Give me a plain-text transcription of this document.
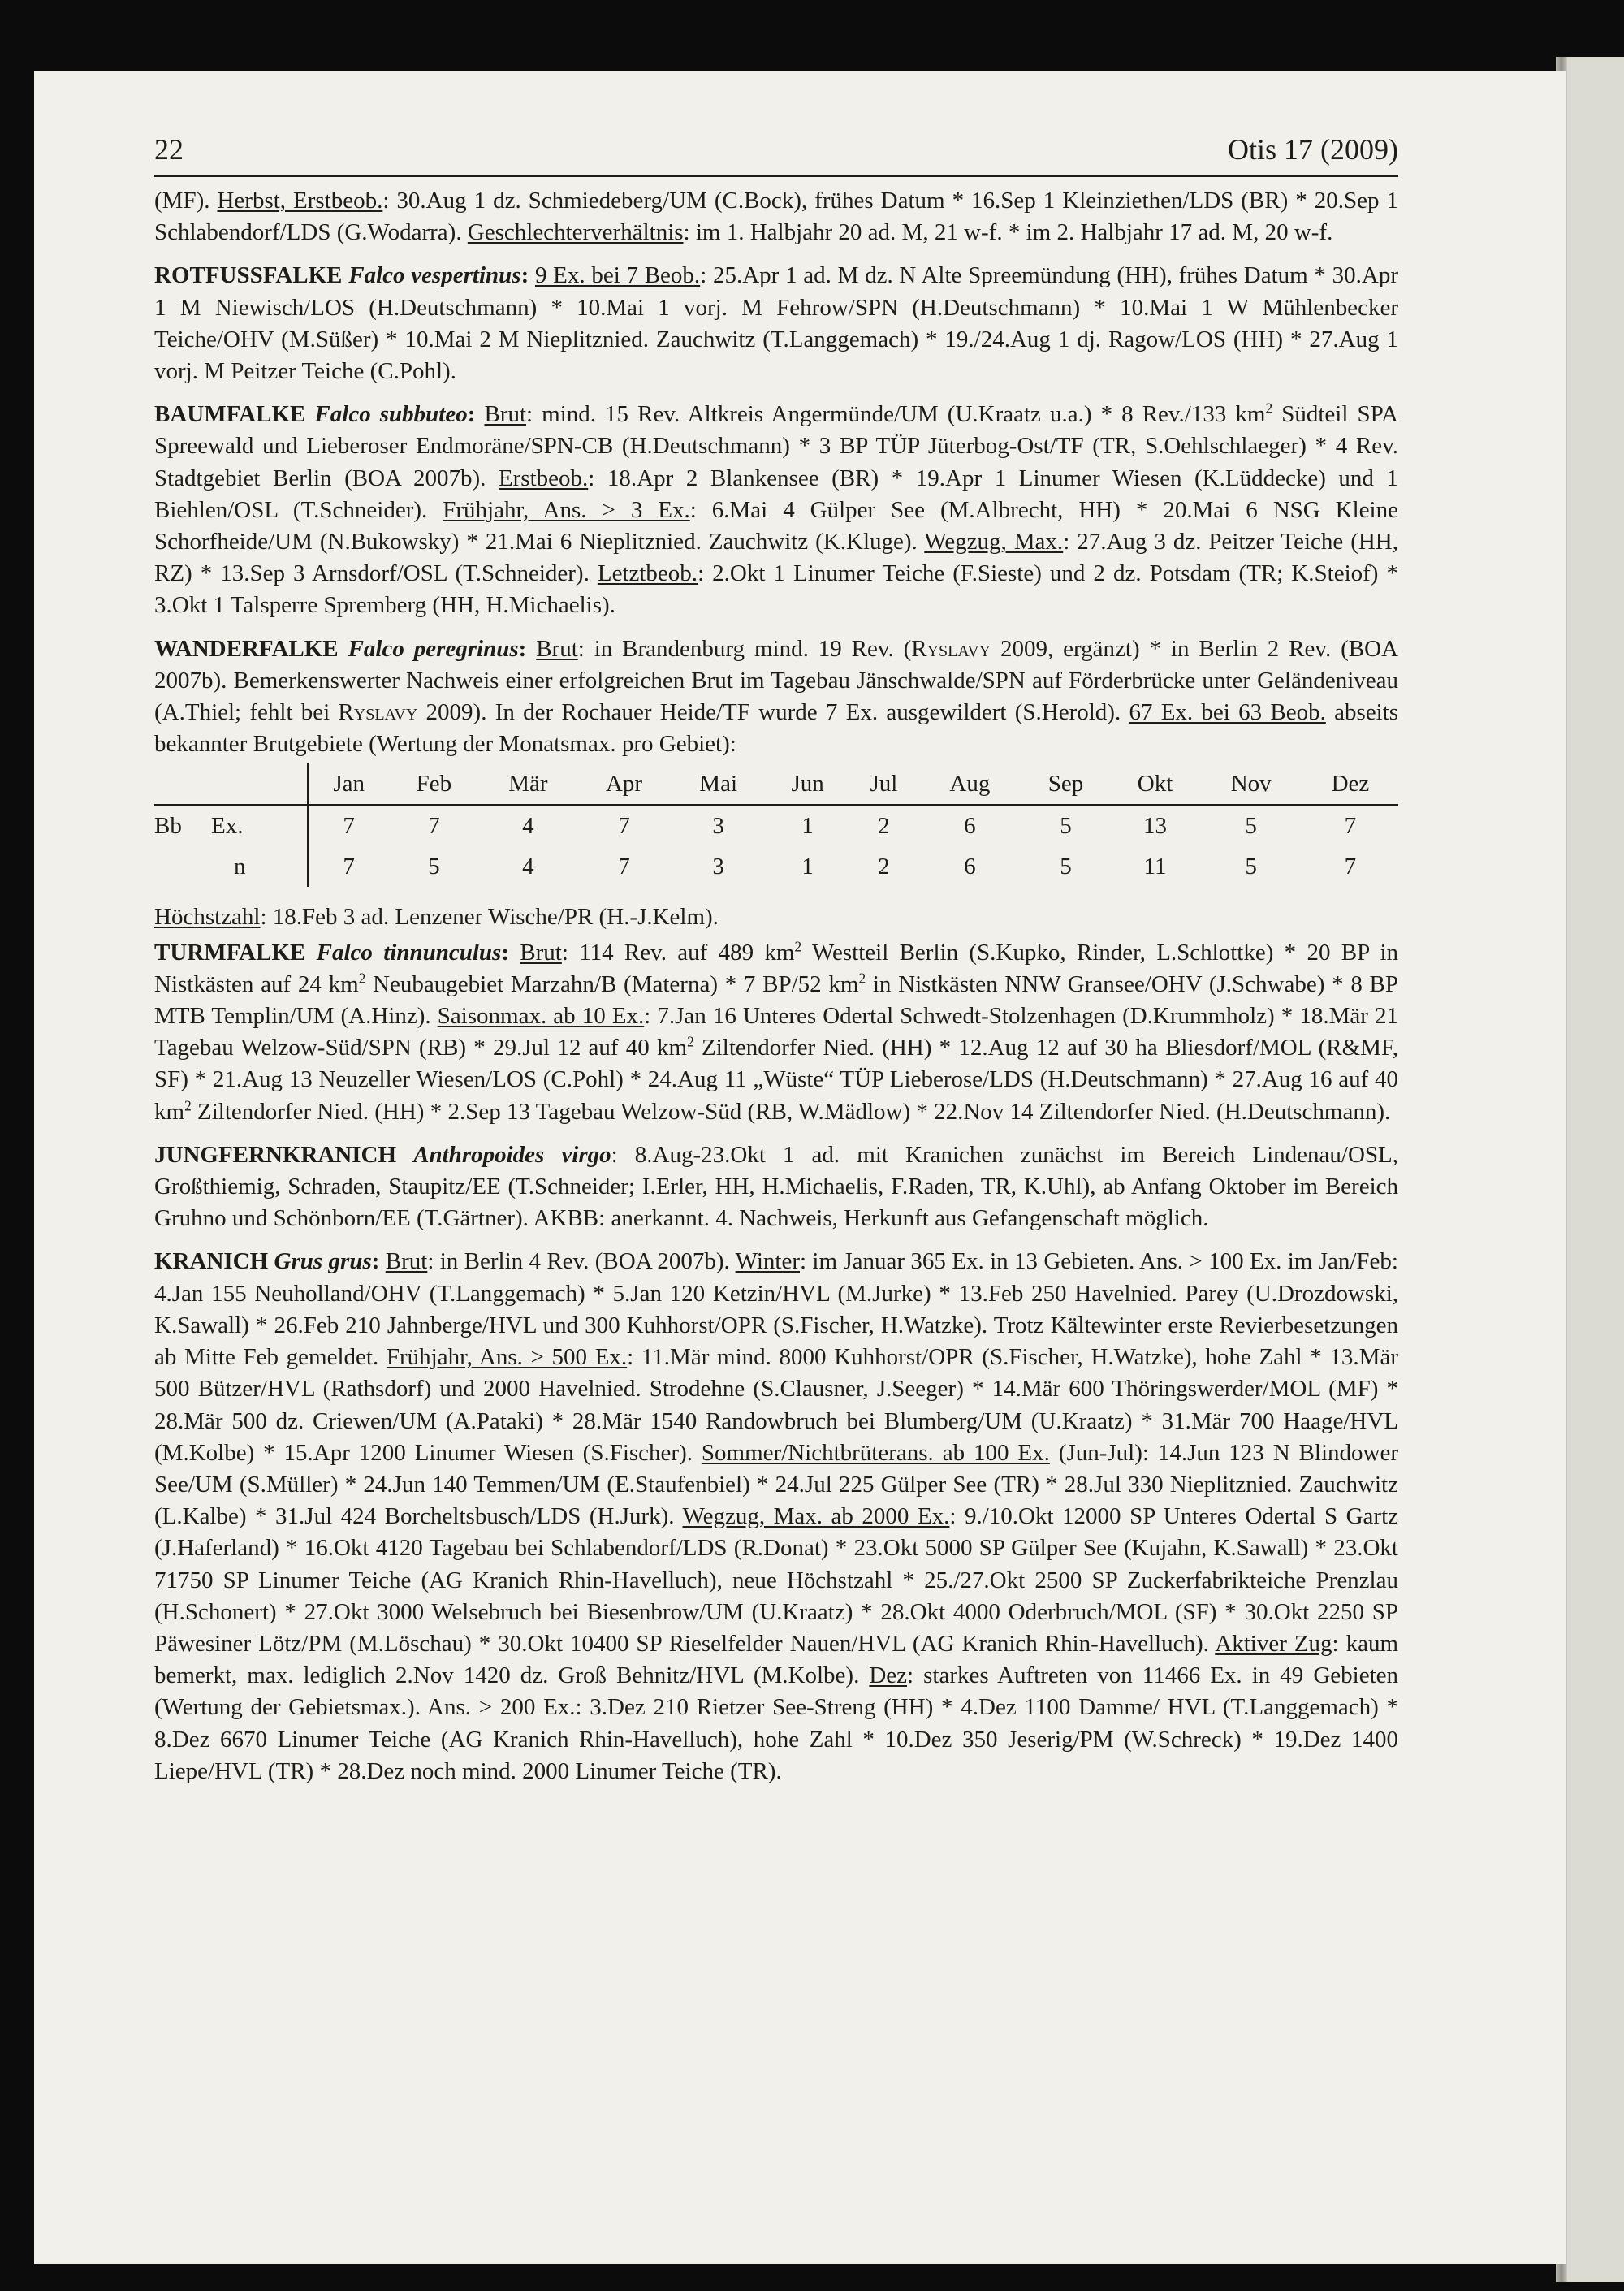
22	Otis 17 (2009)

(MF). Herbst, Erstbeob.: 30.Aug 1 dz. Schmiedeberg/UM (C.Bock), frühes Datum * 16.Sep 1 Kleinziethen/LDS (BR) * 20.Sep 1 Schlabendorf/LDS (G.Wodarra). Geschlechterverhältnis: im 1. Halbjahr 20 ad. M, 21 w-f. * im 2. Halbjahr 17 ad. M, 20 w-f.

ROTFUSSFALKE Falco vespertinus: 9 Ex. bei 7 Beob.: 25.Apr 1 ad. M dz. N Alte Spreemündung (HH), frühes Datum * 30.Apr 1 M Niewisch/LOS (H.Deutschmann) * 10.Mai 1 vorj. M Fehrow/SPN (H.Deutschmann) * 10.Mai 1 W Mühlenbecker Teiche/OHV (M.Süßer) * 10.Mai 2 M Nieplitznied. Zauchwitz (T.Langgemach) * 19./24.Aug 1 dj. Ragow/LOS (HH) * 27.Aug 1 vorj. M Peitzer Teiche (C.Pohl).

BAUMFALKE Falco subbuteo: Brut: mind. 15 Rev. Altkreis Angermünde/UM (U.Kraatz u.a.) * 8 Rev./133 $km^2$ Südteil SPA Spreewald und Lieberoser Endmoräne/SPN-CB (H.Deutschmann) * 3 BP TÜP Jüterbog-Ost/TF (TR, S.Oehlschlaeger) * 4 Rev. Stadtgebiet Berlin (BOA 2007b). Erstbeob.: 18.Apr 2 Blankensee (BR) * 19.Apr 1 Linumer Wiesen (K.Lüddecke) und 1 Biehlen/OSL (T.Schneider). Frühjahr, Ans. > 3 Ex.: 6.Mai 4 Gülper See (M.Albrecht, HH) * 20.Mai 6 NSG Kleine Schorfheide/UM (N.Bukowsky) * 21.Mai 6 Nieplitznied. Zauchwitz (K.Kluge). Wegzug, Max.: 27.Aug 3 dz. Peitzer Teiche (HH, RZ) * 13.Sep 3 Arnsdorf/OSL (T.Schneider). Letztbeob.: 2.Okt 1 Linumer Teiche (F.Sieste) und 2 dz. Potsdam (TR; K.Steiof) * 3.Okt 1 Talsperre Spremberg (HH, H.Michaelis).

WANDERFALKE Falco peregrinus: Brut: in Brandenburg mind. 19 Rev. (Ryslavy 2009, ergänzt) * in Berlin 2 Rev. (BOA 2007b). Bemerkenswerter Nachweis einer erfolgreichen Brut im Tagebau Jänschwalde/SPN auf Förderbrücke unter Geländeniveau (A.Thiel; fehlt bei Ryslavy 2009). In der Rochauer Heide/TF wurde 7 Ex. ausgewildert (S.Herold). 67 Ex. bei 63 Beob. abseits bekannter Brutgebiete (Wertung der Monatsmax. pro Gebiet):

		Jan	Feb	Mär	Apr	Mai	Jun	Jul	Aug	Sep	Okt	Nov	Dez
Bb	Ex.	7	7	4	7	3	1	2	6	5	13	5	7
	n	7	5	4	7	3	1	2	6	5	11	5	7

Höchstzahl: 18.Feb 3 ad. Lenzener Wische/PR (H.-J.Kelm).

TURMFALKE Falco tinnunculus: Brut: 114 Rev. auf 489 $km^2$ Westteil Berlin (S.Kupko, Rinder, L.Schlottke) * 20 BP in Nistkästen auf 24 $km^2$ Neubaugebiet Marzahn/B (Materna) * 7 BP/52 $km^2$ in Nistkästen NNW Gransee/OHV (J.Schwabe) * 8 BP MTB Templin/UM (A.Hinz). Saisonmax. ab 10 Ex.: 7.Jan 16 Unteres Odertal Schwedt-Stolzenhagen (D.Krummholz) * 18.Mär 21 Tagebau Welzow-Süd/SPN (RB) * 29.Jul 12 auf 40 $km^2$ Ziltendorfer Nied. (HH) * 12.Aug 12 auf 30 ha Bliesdorf/MOL (R&MF, SF) * 21.Aug 13 Neuzeller Wiesen/LOS (C.Pohl) * 24.Aug 11 „Wüste“ TÜP Lieberose/LDS (H.Deutschmann) * 27.Aug 16 auf 40 $km^2$ Ziltendorfer Nied. (HH) * 2.Sep 13 Tagebau Welzow-Süd (RB, W.Mädlow) * 22.Nov 14 Ziltendorfer Nied. (H.Deutschmann).

JUNGFERNKRANICH Anthropoides virgo: 8.Aug-23.Okt 1 ad. mit Kranichen zunächst im Bereich Lindenau/OSL, Großthiemig, Schraden, Staupitz/EE (T.Schneider; I.Erler, HH, H.Michaelis, F.Raden, TR, K.Uhl), ab Anfang Oktober im Bereich Gruhno und Schönborn/EE (T.Gärtner). AKBB: anerkannt. 4. Nachweis, Herkunft aus Gefangenschaft möglich.

KRANICH Grus grus: Brut: in Berlin 4 Rev. (BOA 2007b). Winter: im Januar 365 Ex. in 13 Gebieten. Ans. > 100 Ex. im Jan/Feb: 4.Jan 155 Neuholland/OHV (T.Langgemach) * 5.Jan 120 Ketzin/HVL (M.Jurke) * 13.Feb 250 Havelnied. Parey (U.Drozdowski, K.Sawall) * 26.Feb 210 Jahnberge/HVL und 300 Kuhhorst/OPR (S.Fischer, H.Watzke). Trotz Kältewinter erste Revierbesetzungen ab Mitte Feb gemeldet. Frühjahr, Ans. > 500 Ex.: 11.Mär mind. 8000 Kuhhorst/OPR (S.Fischer, H.Watzke), hohe Zahl * 13.Mär 500 Bützer/HVL (Rathsdorf) und 2000 Havelnied. Strodehne (S.Clausner, J.Seeger) * 14.Mär 600 Thöringswerder/MOL (MF) * 28.Mär 500 dz. Criewen/UM (A.Pataki) * 28.Mär 1540 Randowbruch bei Blumberg/UM (U.Kraatz) * 31.Mär 700 Haage/HVL (M.Kolbe) * 15.Apr 1200 Linumer Wiesen (S.Fischer). Sommer/Nichtbrüterans. ab 100 Ex. (Jun-Jul): 14.Jun 123 N Blindower See/UM (S.Müller) * 24.Jun 140 Temmen/UM (E.Staufenbiel) * 24.Jul 225 Gülper See (TR) * 28.Jul 330 Nieplitznied. Zauchwitz (L.Kalbe) * 31.Jul 424 Borcheltsbusch/LDS (H.Jurk). Wegzug, Max. ab 2000 Ex.: 9./10.Okt 12000 SP Unteres Odertal S Gartz (J.Haferland) * 16.Okt 4120 Tagebau bei Schlabendorf/LDS (R.Donat) * 23.Okt 5000 SP Gülper See (Kujahn, K.Sawall) * 23.Okt 71750 SP Linumer Teiche (AG Kranich Rhin-Havelluch), neue Höchstzahl * 25./27.Okt 2500 SP Zuckerfabrikteiche Prenzlau (H.Schonert) * 27.Okt 3000 Welsebruch bei Biesenbrow/UM (U.Kraatz) * 28.Okt 4000 Oderbruch/MOL (SF) * 30.Okt 2250 SP Päwesiner Lötz/PM (M.Löschau) * 30.Okt 10400 SP Rieselfelder Nauen/HVL (AG Kranich Rhin-Havelluch). Aktiver Zug: kaum bemerkt, max. lediglich 2.Nov 1420 dz. Groß Behnitz/HVL (M.Kolbe). Dez: starkes Auftreten von 11466 Ex. in 49 Gebieten (Wertung der Gebietsmax.). Ans. > 200 Ex.: 3.Dez 210 Rietzer See-Streng (HH) * 4.Dez 1100 Damme/ HVL (T.Langgemach) * 8.Dez 6670 Linumer Teiche (AG Kranich Rhin-Havelluch), hohe Zahl * 10.Dez 350 Jeserig/PM (W.Schreck) * 19.Dez 1400 Liepe/HVL (TR) * 28.Dez noch mind. 2000 Linumer Teiche (TR).
